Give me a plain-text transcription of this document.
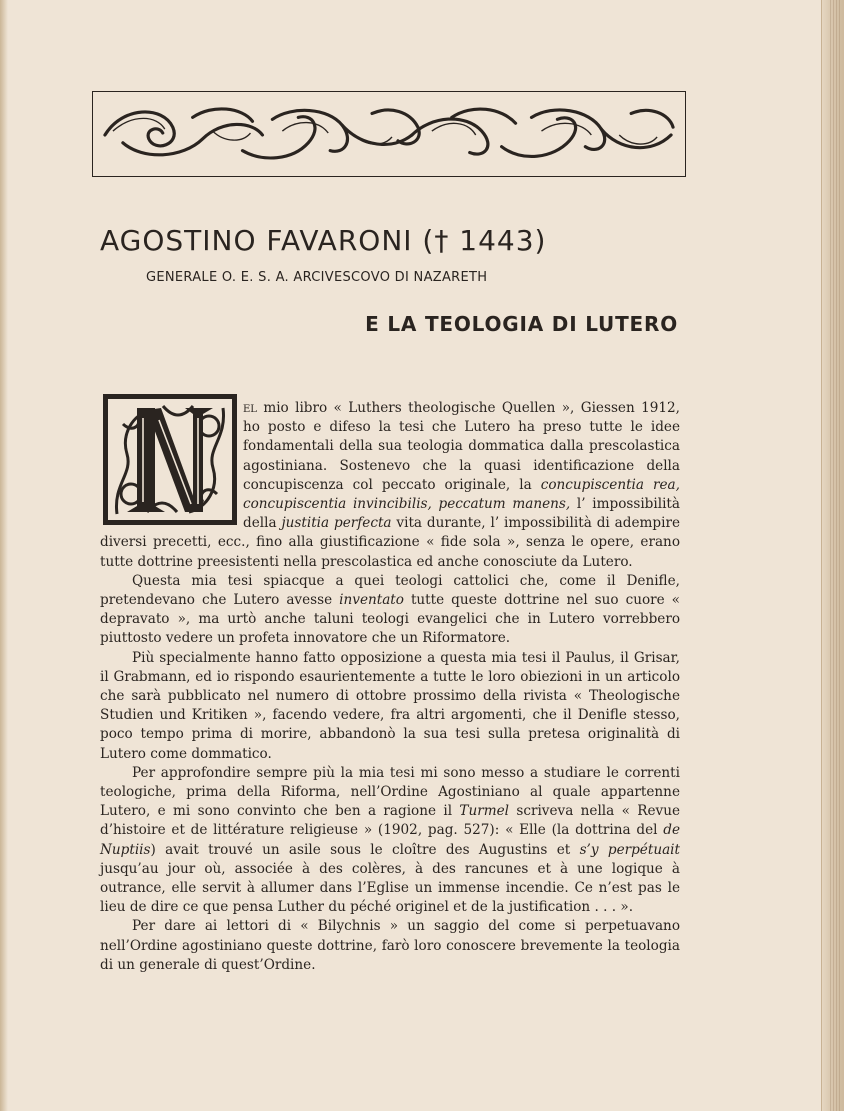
AGOSTINO FAVARONI († 1443)
GENERALE O. E. S. A. ARCIVESCOVO DI NAZARETH
E LA TEOLOGIA DI LUTERO

el mio libro « Luthers theologische Quellen », Giessen 1912, ho posto e difeso la tesi che Lutero ha preso tutte le idee fondamentali della sua teologia dommatica dalla prescolastica agostiniana. Sostenevo che la quasi identificazione della concupiscenza col peccato originale, la concupiscentia rea, concupiscentia invincibilis, peccatum manens, l’ impossibilità della justitia perfecta vita durante, l’ impossibilità di adempire diversi precetti, ecc., fino alla giustificazione « fide sola », senza le opere, erano tutte dottrine preesistenti nella prescolastica ed anche conosciute da Lutero.

Questa mia tesi spiacque a quei teologi cattolici che, come il Denifle, pretendevano che Lutero avesse inventato tutte queste dottrine nel suo cuore « depravato », ma urtò anche taluni teologi evangelici che in Lutero vorrebbero piuttosto vedere un profeta innovatore che un Riformatore.

Più specialmente hanno fatto opposizione a questa mia tesi il Paulus, il Grisar, il Grabmann, ed io rispondo esaurientemente a tutte le loro obiezioni in un articolo che sarà pubblicato nel numero di ottobre prossimo della rivista « Theologische Studien und Kritiken », facendo vedere, fra altri argomenti, che il Denifle stesso, poco tempo prima di morire, abbandonò la sua tesi sulla pretesa originalità di Lutero come dommatico.

Per approfondire sempre più la mia tesi mi sono messo a studiare le correnti teologiche, prima della Riforma, nell’Ordine Agostiniano al quale appartenne Lutero, e mi sono convinto che ben a ragione il Turmel scriveva nella « Revue d’histoire et de littérature religieuse » (1902, pag. 527): « Elle (la dottrina del de Nuptiis) avait trouvé un asile sous le cloître des Augustins et s’y perpétuait jusqu’au jour où, associée à des colères, à des rancunes et à une logique à outrance, elle servit à allumer dans l’Eglise un immense incendie. Ce n’est pas le lieu de dire ce que pensa Luther du péché originel et de la justification . . . ».

Per dare ai lettori di « Bilychnis » un saggio del come si perpetuavano nell’Ordine agostiniano queste dottrine, farò loro conoscere brevemente la teologia di un generale di quest’Ordine.
